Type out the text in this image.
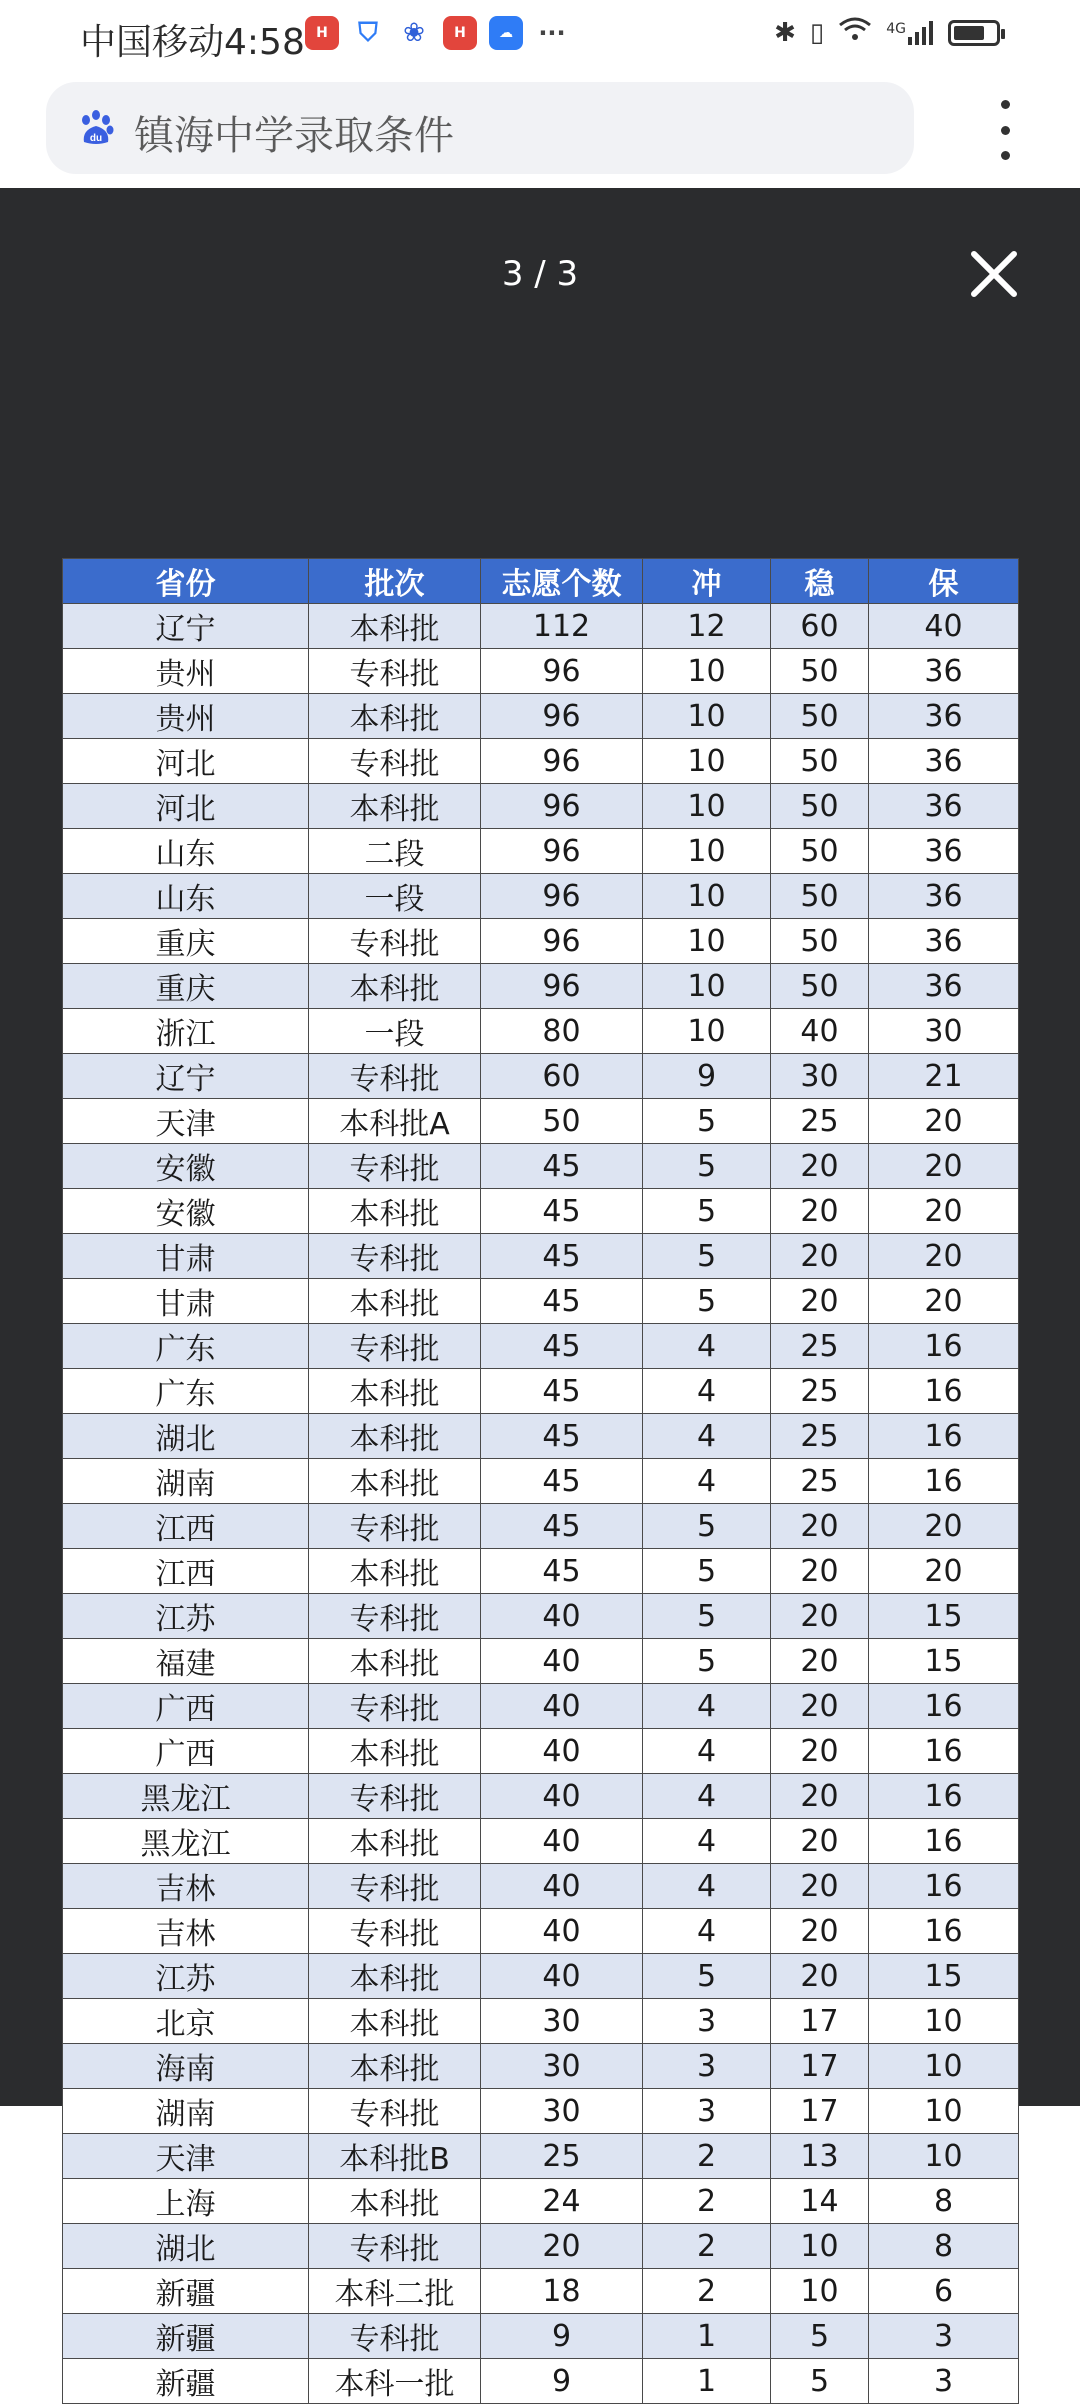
中国移动4:58 H	⛉ ❀	H	☁	···	✱ ▯	4G
du 镇海中学录取条件
3 / 3
省份	批次	志愿个数	冲	稳	保
辽宁	本科批	112	12	60	40
贵州	专科批	96	10	50	36
贵州	本科批	96	10	50	36
河北	专科批	96	10	50	36
河北	本科批	96	10	50	36
山东	二段	96	10	50	36
山东	一段	96	10	50	36
重庆	专科批	96	10	50	36
重庆	本科批	96	10	50	36
浙江	一段	80	10	40	30
辽宁	专科批	60	9	30	21
天津	本科批A	50	5	25	20
安徽	专科批	45	5	20	20
安徽	本科批	45	5	20	20
甘肃	专科批	45	5	20	20
甘肃	本科批	45	5	20	20
广东	专科批	45	4	25	16
广东	本科批	45	4	25	16
湖北	本科批	45	4	25	16
湖南	本科批	45	4	25	16
江西	专科批	45	5	20	20
江西	本科批	45	5	20	20
江苏	专科批	40	5	20	15
福建	本科批	40	5	20	15
广西	专科批	40	4	20	16
广西	本科批	40	4	20	16
黑龙江	专科批	40	4	20	16
黑龙江	本科批	40	4	20	16
吉林	专科批	40	4	20	16
吉林	专科批	40	4	20	16
江苏	本科批	40	5	20	15
北京	本科批	30	3	17	10
海南	本科批	30	3	17	10
湖南	专科批	30	3	17	10
天津	本科批B	25	2	13	10
上海	本科批	24	2	14	8
湖北	专科批	20	2	10	8
新疆	本科二批	18	2	10	6
新疆	专科批	9	1	5	3
新疆	本科一批	9	1	5	3
